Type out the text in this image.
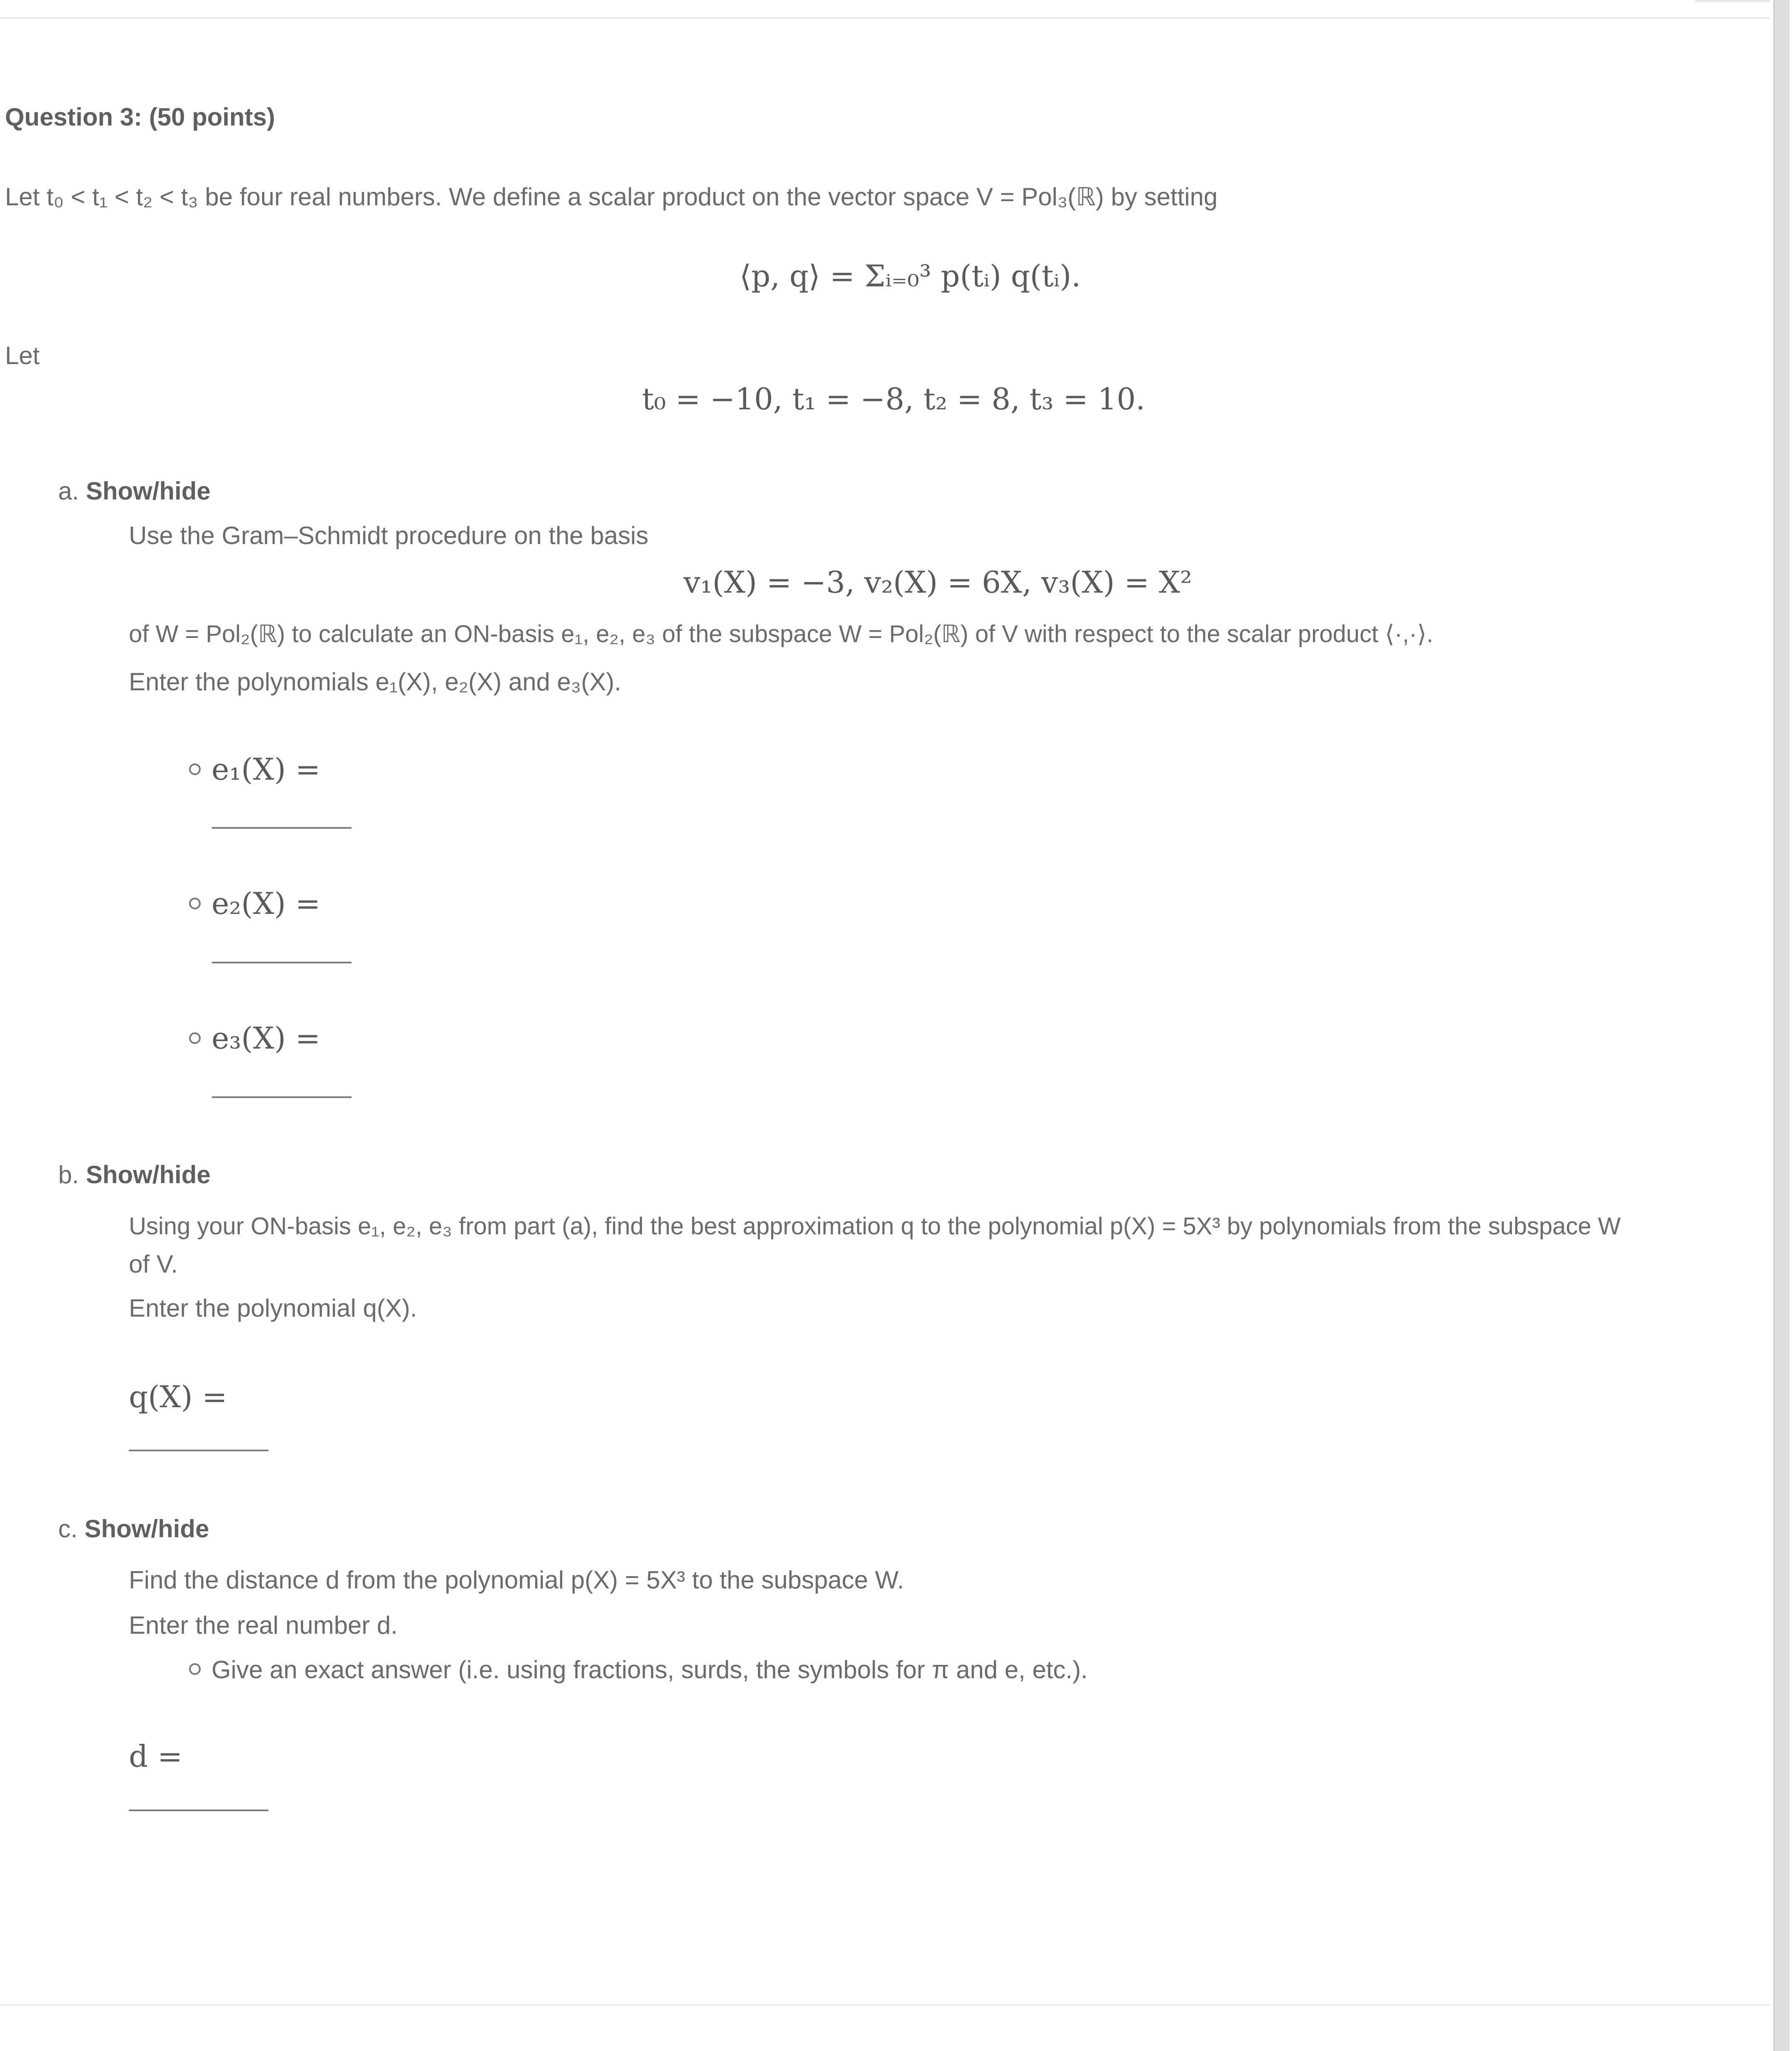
Question 3: (50 points)
Let t₀ < t₁ < t₂ < t₃ be four real numbers. We define a scalar product on the vector space V = Pol₃(ℝ) by setting
⟨p, q⟩ = Σᵢ₌₀³ p(tᵢ) q(tᵢ).
Let
t₀ = −10, t₁ = −8, t₂ = 8, t₃ = 10.
a. Show/hide
Use the Gram–Schmidt procedure on the basis
v₁(X) = −3, v₂(X) = 6X, v₃(X) = X²
of W = Pol₂(ℝ) to calculate an ON-basis e₁, e₂, e₃ of the subspace W = Pol₂(ℝ) of V with respect to the scalar product ⟨·,·⟩.
Enter the polynomials e₁(X), e₂(X) and e₃(X).
e₁(X) =
e₂(X) =
e₃(X) =
b. Show/hide
Using your ON-basis e₁, e₂, e₃ from part (a), find the best approximation q to the polynomial p(X) = 5X³ by polynomials from the subspace W
of V.
Enter the polynomial q(X).
q(X) =
c. Show/hide
Find the distance d from the polynomial p(X) = 5X³ to the subspace W.
Enter the real number d.
Give an exact answer (i.e. using fractions, surds, the symbols for π and e, etc.).
d =
